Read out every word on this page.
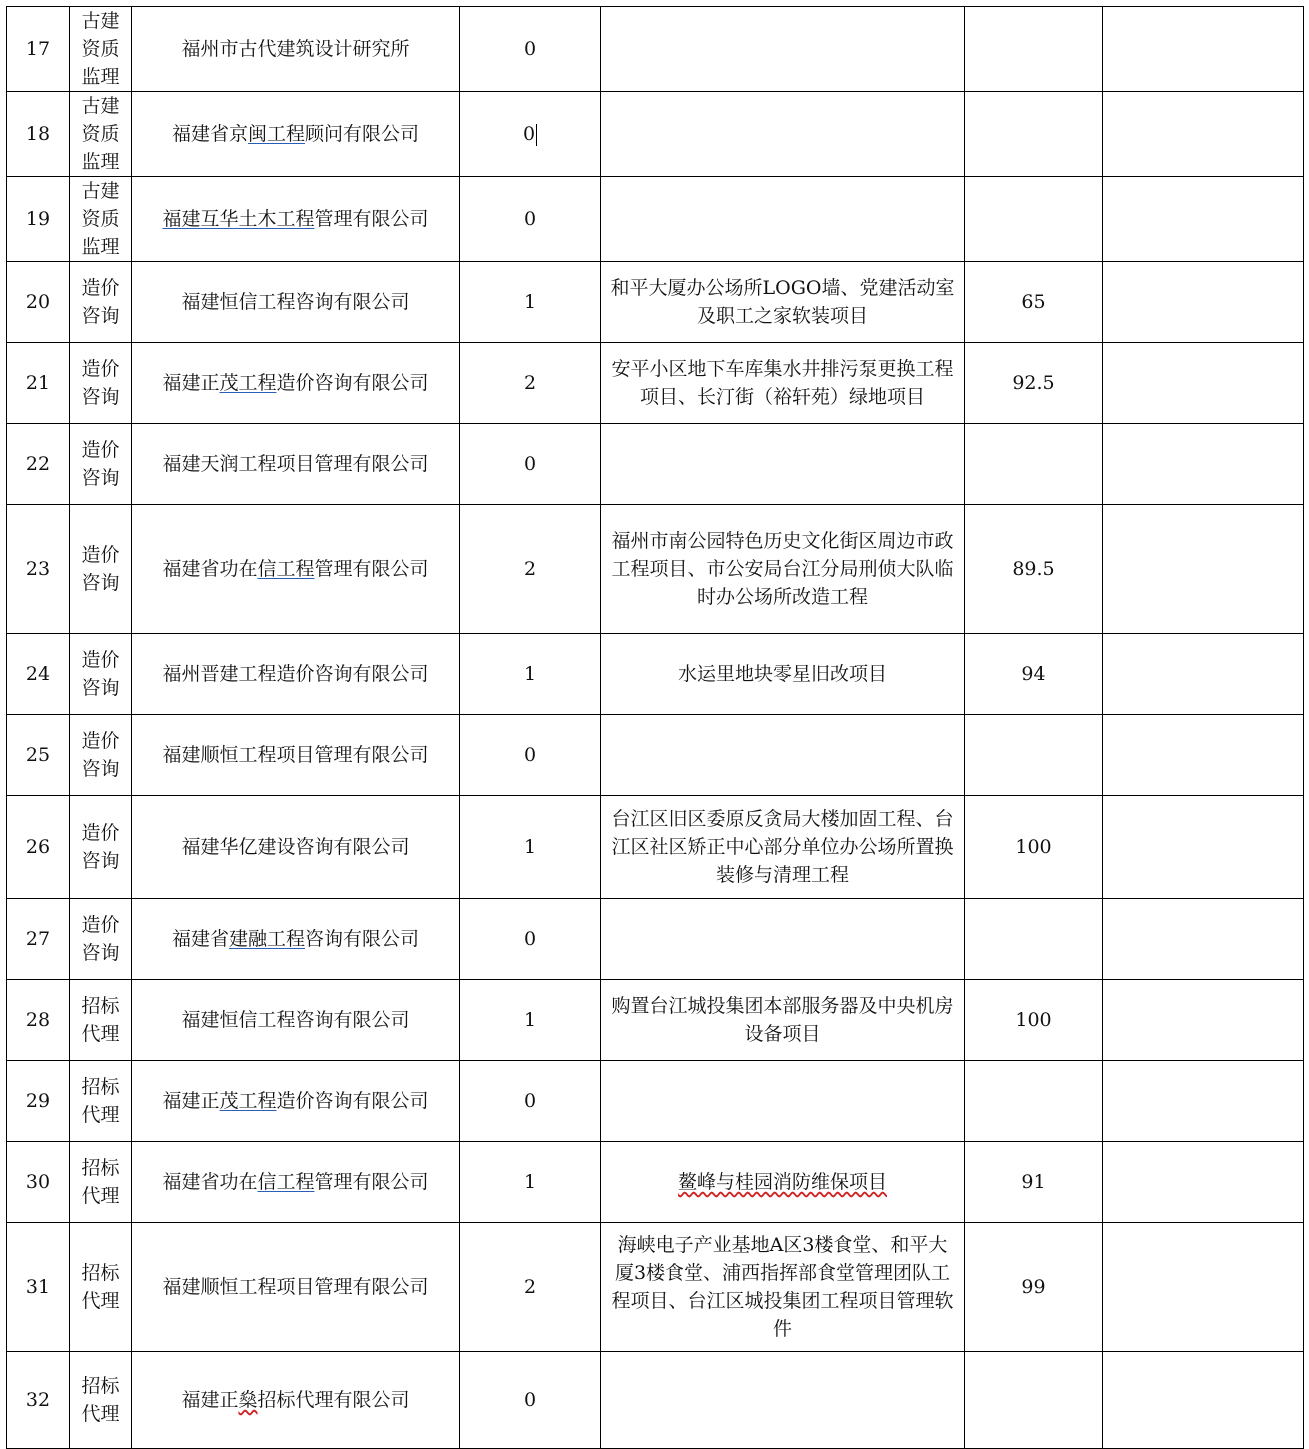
17	古建资质监理	福州市古代建筑设计研究所	0			
18	古建资质监理	福建省京闽工程顾问有限公司	0			
19	古建资质监理	福建互华土木工程管理有限公司	0			
20	造价咨询	福建恒信工程咨询有限公司	1	和平大厦办公场所LOGO墙、党建活动室及职工之家软装项目	65	
21	造价咨询	福建正茂工程造价咨询有限公司	2	安平小区地下车库集水井排污泵更换工程项目、长汀街（裕轩苑）绿地项目	92.5	
22	造价咨询	福建天润工程项目管理有限公司	0			
23	造价咨询	福建省功在信工程管理有限公司	2	福州市南公园特色历史文化街区周边市政工程项目、市公安局台江分局刑侦大队临时办公场所改造工程	89.5	
24	造价咨询	福州晋建工程造价咨询有限公司	1	水运里地块零星旧改项目	94	
25	造价咨询	福建顺恒工程项目管理有限公司	0			
26	造价咨询	福建华亿建设咨询有限公司	1	台江区旧区委原反贪局大楼加固工程、台江区社区矫正中心部分单位办公场所置换装修与清理工程	100	
27	造价咨询	福建省建融工程咨询有限公司	0			
28	招标代理	福建恒信工程咨询有限公司	1	购置台江城投集团本部服务器及中央机房设备项目	100	
29	招标代理	福建正茂工程造价咨询有限公司	0			
30	招标代理	福建省功在信工程管理有限公司	1	鳌峰与桂园消防维保项目	91	
31	招标代理	福建顺恒工程项目管理有限公司	2	海峡电子产业基地A区3楼食堂、和平大厦3楼食堂、浦西指挥部食堂管理团队工程项目、台江区城投集团工程项目管理软件	99	
32	招标代理	福建正燊招标代理有限公司	0			
